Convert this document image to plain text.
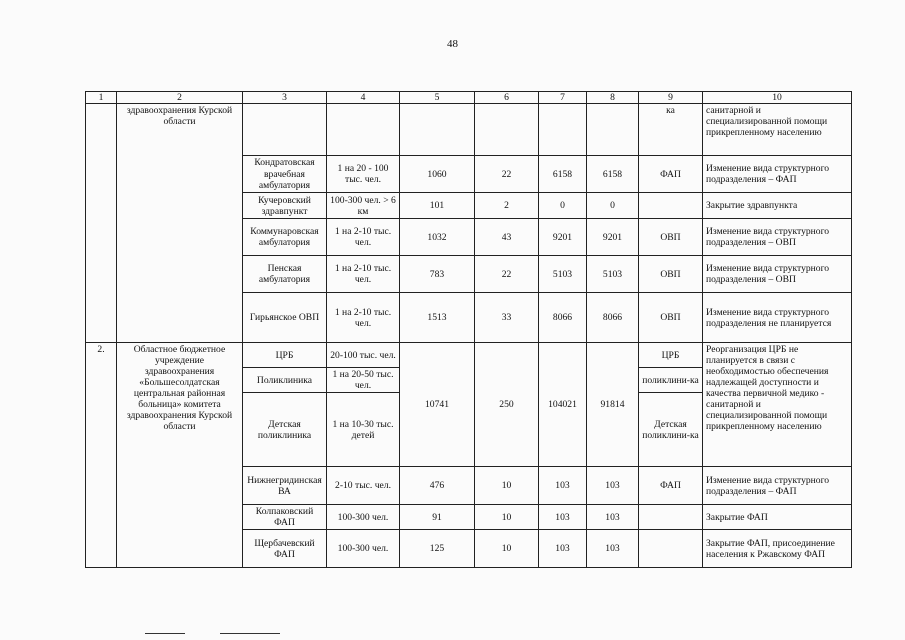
48
1	2	3	4	5	6	7	8	9	10
	здравоохранения Курской области							ка	санитарной и специализированной помощи прикрепленному населению
		Кондратовская врачебная амбулатория	1 на 20 - 100 тыс. чел.	1060	22	6158	6158	ФАП	Изменение вида структурного подразделения – ФАП
		Кучеровский здравпункт	100-300 чел. > 6 км	101	2	0	0		Закрытие здравпункта
		Коммунаровская амбулатория	1 на 2-10 тыс. чел.	1032	43	9201	9201	ОВП	Изменение вида структурного подразделения – ОВП
		Пенская амбулатория	1 на 2-10 тыс. чел.	783	22	5103	5103	ОВП	Изменение вида структурного подразделения – ОВП
		Гирьянское ОВП	1 на 2-10 тыс. чел.	1513	33	8066	8066	ОВП	Изменение вида структурного подразделения не планируется
2.	Областное бюджетное учреждение здравоохранения «Большесолдатская центральная районная больница» комитета здравоохранения Курской области	ЦРБ	20-100 тыс. чел.	10741	250	104021	91814	ЦРБ	Реорганизация ЦРБ не планируется в связи с необходимостью обеспечения надлежащей доступности и качества первичной медико - санитарной и специализированной помощи прикрепленному населению
		Поликлиника	1 на 20-50 тыс. чел.					поликлини-ка	
		Детская поликлиника	1 на 10-30 тыс. детей					Детская поликлини-ка	
		Нижнегридинская ВА	2-10 тыс. чел.	476	10	103	103	ФАП	Изменение вида структурного подразделения – ФАП
		Колпаковский ФАП	100-300 чел.	91	10	103	103		Закрытие ФАП
		Щербачевский ФАП	100-300 чел.	125	10	103	103		Закрытие ФАП, присоединение населения к Ржавскому ФАП
